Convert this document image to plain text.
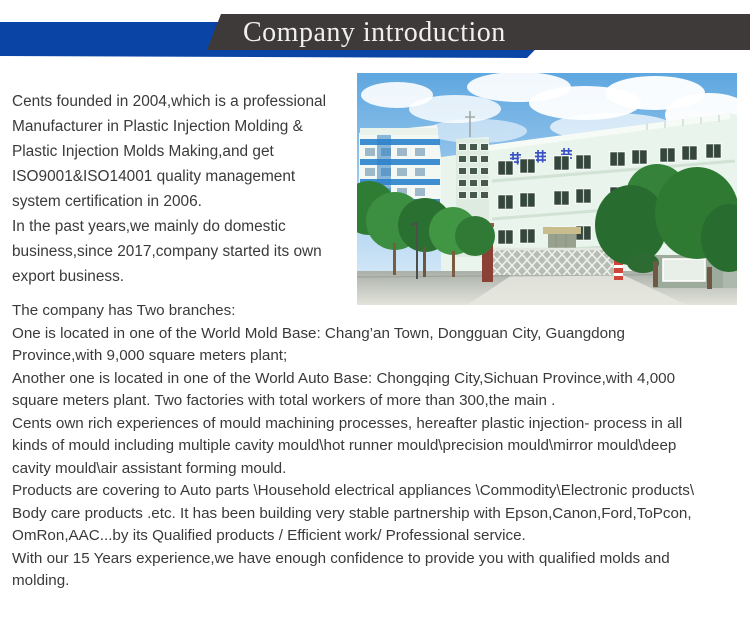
Company introduction
Cents founded in 2004,which is a professional
Manufacturer in Plastic Injection Molding &
Plastic Injection Molds Making,and get
ISO9001&ISO14001 quality management
system certification in 2006.
In the past years,we mainly do domestic
business,since 2017,company started its own
export business.
The company has Two branches:
One is located in one of the World Mold Base: Chang’an Town, Dongguan City, Guangdong
Province,with 9,000 square meters plant;
Another one is located in one of the World Auto Base: Chongqing City,Sichuan Province,with 4,000
square meters plant. Two factories with total workers of more than 300,the main .
Cents own rich experiences of mould machining processes, hereafter plastic injection- process in all
kinds of mould including multiple cavity mould\hot runner mould\precision mould\mirror mould\deep
cavity mould\air assistant forming mould.
Products are covering to Auto parts \Household electrical appliances \Commodity\Electronic products\
Body care products .etc. It has been building very stable partnership with Epson,Canon,Ford,ToPcon,
OmRon,AAC...by its Qualified products / Efficient work/ Professional service.
With our 15 Years experience,we have enough confidence to provide you with qualified molds and
molding.
